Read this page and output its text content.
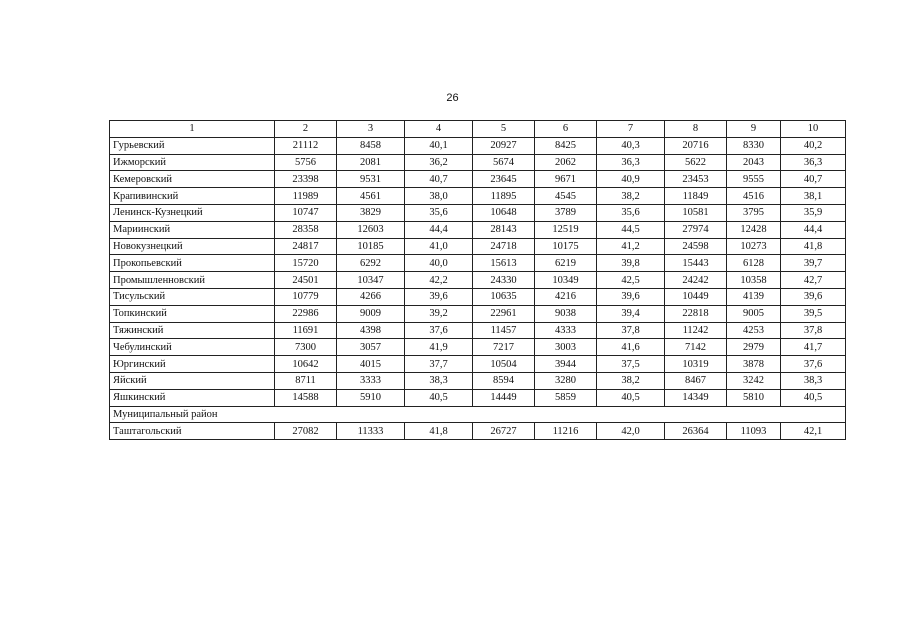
26
1	2	3	4	5	6	7	8	9	10
Гурьевский	21112	8458	40,1	20927	8425	40,3	20716	8330	40,2
Ижморский	5756	2081	36,2	5674	2062	36,3	5622	2043	36,3
Кемеровский	23398	9531	40,7	23645	9671	40,9	23453	9555	40,7
Крапивинский	11989	4561	38,0	11895	4545	38,2	11849	4516	38,1
Ленинск-Кузнецкий	10747	3829	35,6	10648	3789	35,6	10581	3795	35,9
Мариинский	28358	12603	44,4	28143	12519	44,5	27974	12428	44,4
Новокузнецкий	24817	10185	41,0	24718	10175	41,2	24598	10273	41,8
Прокопьевский	15720	6292	40,0	15613	6219	39,8	15443	6128	39,7
Промышленновский	24501	10347	42,2	24330	10349	42,5	24242	10358	42,7
Тисульский	10779	4266	39,6	10635	4216	39,6	10449	4139	39,6
Топкинский	22986	9009	39,2	22961	9038	39,4	22818	9005	39,5
Тяжинский	11691	4398	37,6	11457	4333	37,8	11242	4253	37,8
Чебулинский	7300	3057	41,9	7217	3003	41,6	7142	2979	41,7
Юргинский	10642	4015	37,7	10504	3944	37,5	10319	3878	37,6
Яйский	8711	3333	38,3	8594	3280	38,2	8467	3242	38,3
Яшкинский	14588	5910	40,5	14449	5859	40,5	14349	5810	40,5
Муниципальный район									
Таштагольский	27082	11333	41,8	26727	11216	42,0	26364	11093	42,1
